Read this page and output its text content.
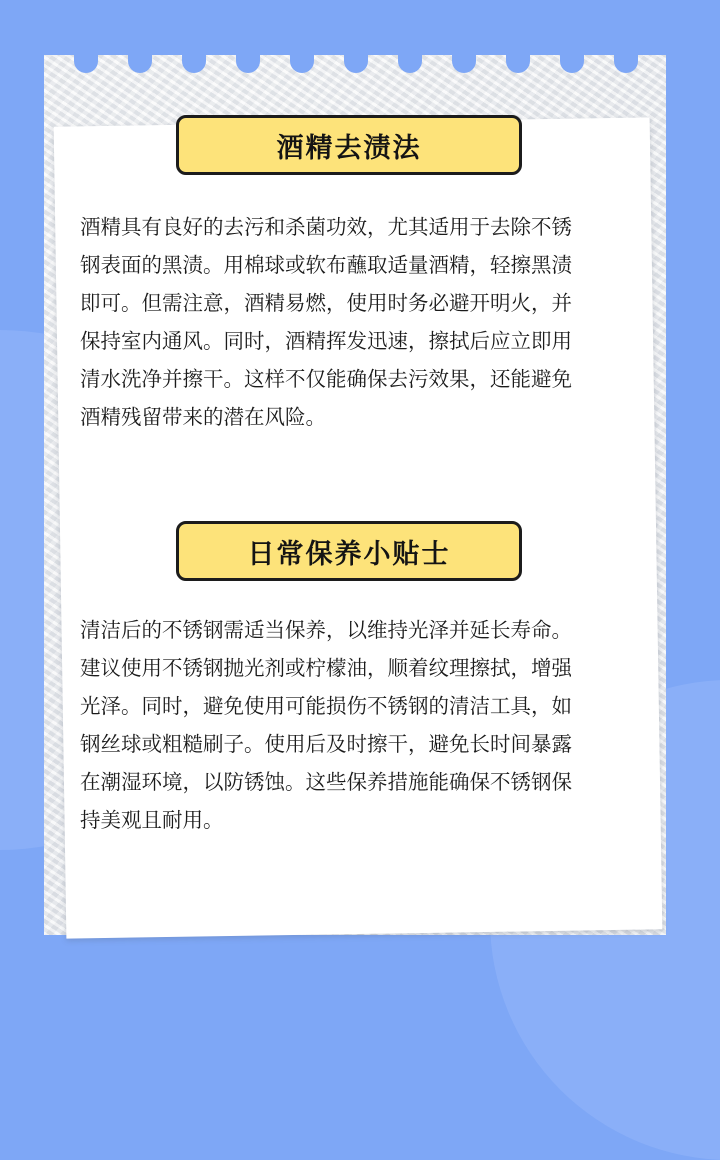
酒精去渍法
酒精具有良好的去污和杀菌功效，尤其适用于去除不锈
钢表面的黑渍。用棉球或软布蘸取适量酒精，轻擦黑渍
即可。但需注意，酒精易燃，使用时务必避开明火，并
保持室内通风。同时，酒精挥发迅速，擦拭后应立即用
清水洗净并擦干。这样不仅能确保去污效果，还能避免
酒精残留带来的潜在风险。
日常保养小贴士
清洁后的不锈钢需适当保养，以维持光泽并延长寿命。
建议使用不锈钢抛光剂或柠檬油，顺着纹理擦拭，增强
光泽。同时，避免使用可能损伤不锈钢的清洁工具，如
钢丝球或粗糙刷子。使用后及时擦干，避免长时间暴露
在潮湿环境，以防锈蚀。这些保养措施能确保不锈钢保
持美观且耐用。
